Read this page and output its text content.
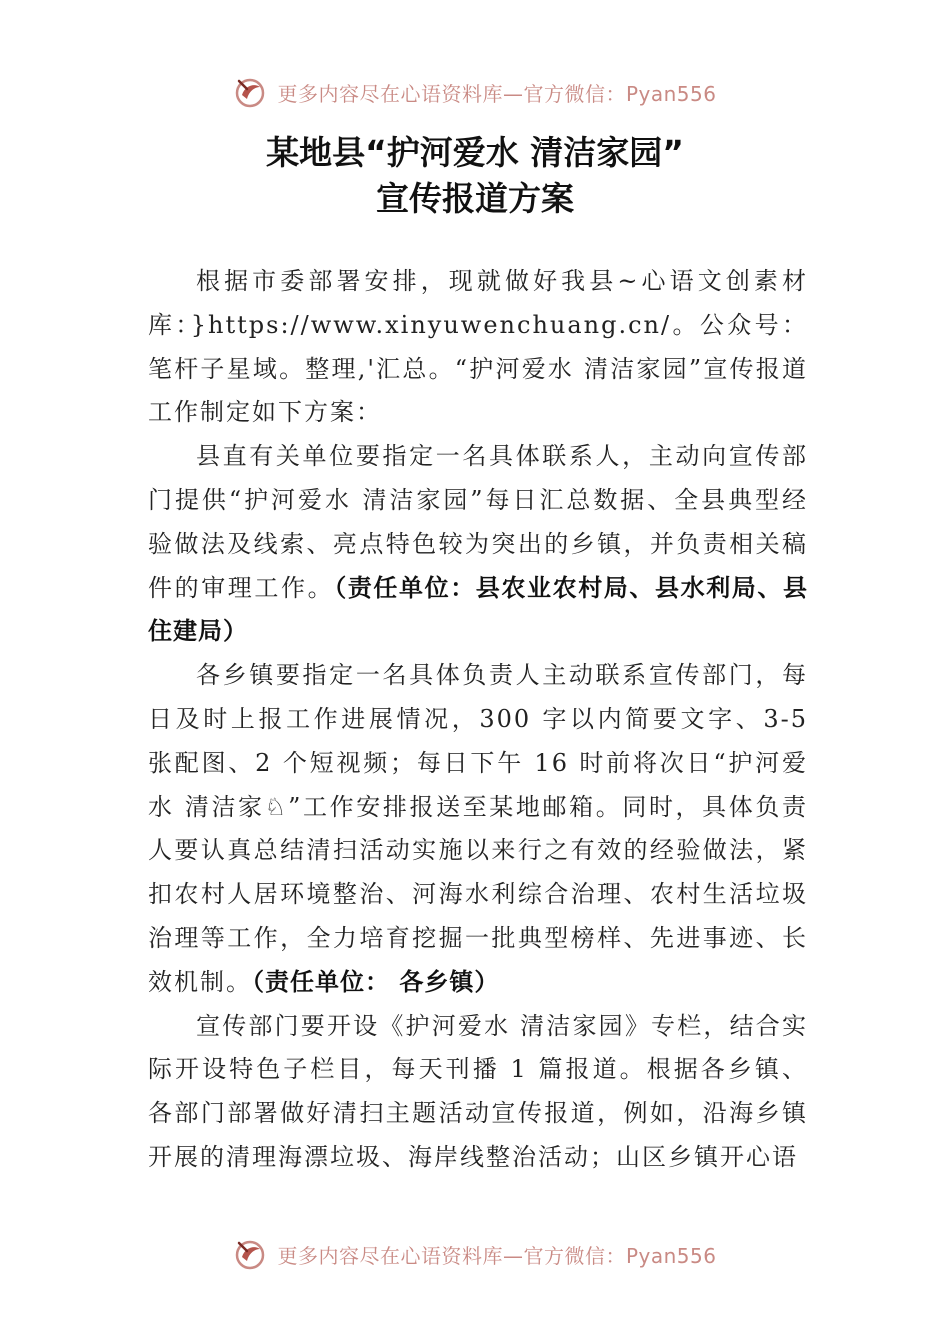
更多内容尽在心语资料库—官方微信：Pyan556
某地县“护河爱水 清洁家园”
宣传报道方案

根据市委部署安排，现就做好我县~心语文创素材库：}https://www.xinyuwenchuang.cn/。公众号：笔杆子星域。整理,'汇总。“护河爱水 清洁家园”宣传报道工作制定如下方案：

县直有关单位要指定一名具体联系人，主动向宣传部门提供“护河爱水 清洁家园”每日汇总数据、全县典型经验做法及线索、亮点特色较为突出的乡镇，并负责相关稿件的审理工作。（责任单位：县农业农村局、县水利局、县住建局）

各乡镇要指定一名具体负责人主动联系宣传部门，每日及时上报工作进展情况，300 字以内简要文字、3-5 张配图、2 个短视频；每日下午 16 时前将次日“护河爱水 清洁家♘”工作安排报送至某地邮箱。同时，具体负责人要认真总结清扫活动实施以来行之有效的经验做法，紧扣农村人居环境整治、河海水利综合治理、农村生活垃圾治理等工作，全力培育挖掘一批典型榜样、先进事迹、长效机制。（责任单位： 各乡镇）

宣传部门要开设《护河爱水 清洁家园》专栏，结合实际开设特色子栏目，每天刊播 1 篇报道。根据各乡镇、各部门部署做好清扫主题活动宣传报道，例如，沿海乡镇开展的清理海漂垃圾、海岸线整治活动；山区乡镇开心语

更多内容尽在心语资料库—官方微信：Pyan556
